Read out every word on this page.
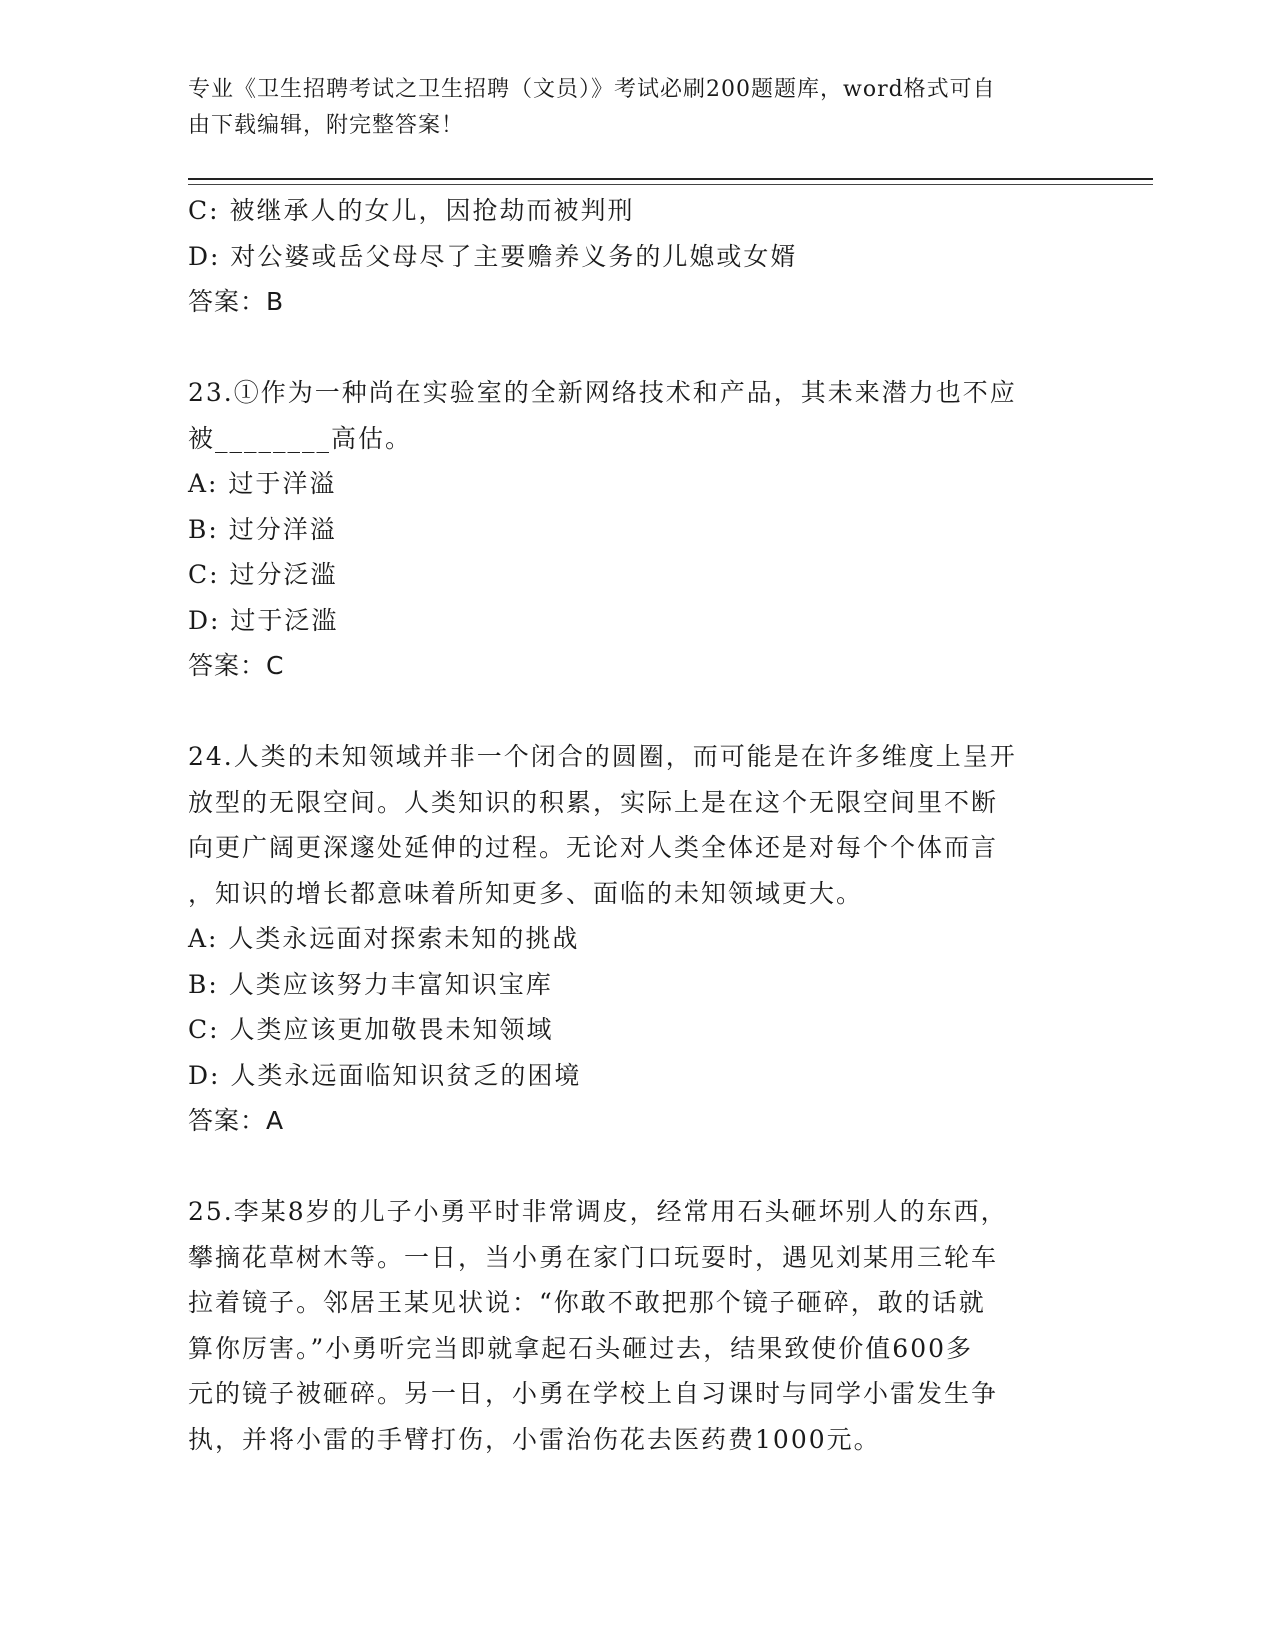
专业《卫生招聘考试之卫生招聘（文员）》考试必刷200题题库，word格式可自
由下载编辑，附完整答案！
C: 被继承人的女儿，因抢劫而被判刑
D: 对公婆或岳父母尽了主要赡养义务的儿媳或女婿
答案：B
23.①作为一种尚在实验室的全新网络技术和产品，其未来潜力也不应
被________高估。
A: 过于洋溢
B: 过分洋溢
C: 过分泛滥
D: 过于泛滥
答案：C
24.人类的未知领域并非一个闭合的圆圈，而可能是在许多维度上呈开
放型的无限空间。人类知识的积累，实际上是在这个无限空间里不断
向更广阔更深邃处延伸的过程。无论对人类全体还是对每个个体而言
，知识的增长都意味着所知更多、面临的未知领域更大。
A: 人类永远面对探索未知的挑战
B: 人类应该努力丰富知识宝库
C: 人类应该更加敬畏未知领域
D: 人类永远面临知识贫乏的困境
答案：A
25.李某8岁的儿子小勇平时非常调皮，经常用石头砸坏别人的东西，
攀摘花草树木等。一日，当小勇在家门口玩耍时，遇见刘某用三轮车
拉着镜子。邻居王某见状说：“你敢不敢把那个镜子砸碎，敢的话就
算你厉害。”小勇听完当即就拿起石头砸过去，结果致使价值600多
元的镜子被砸碎。另一日，小勇在学校上自习课时与同学小雷发生争
执，并将小雷的手臂打伤，小雷治伤花去医药费1000元。
